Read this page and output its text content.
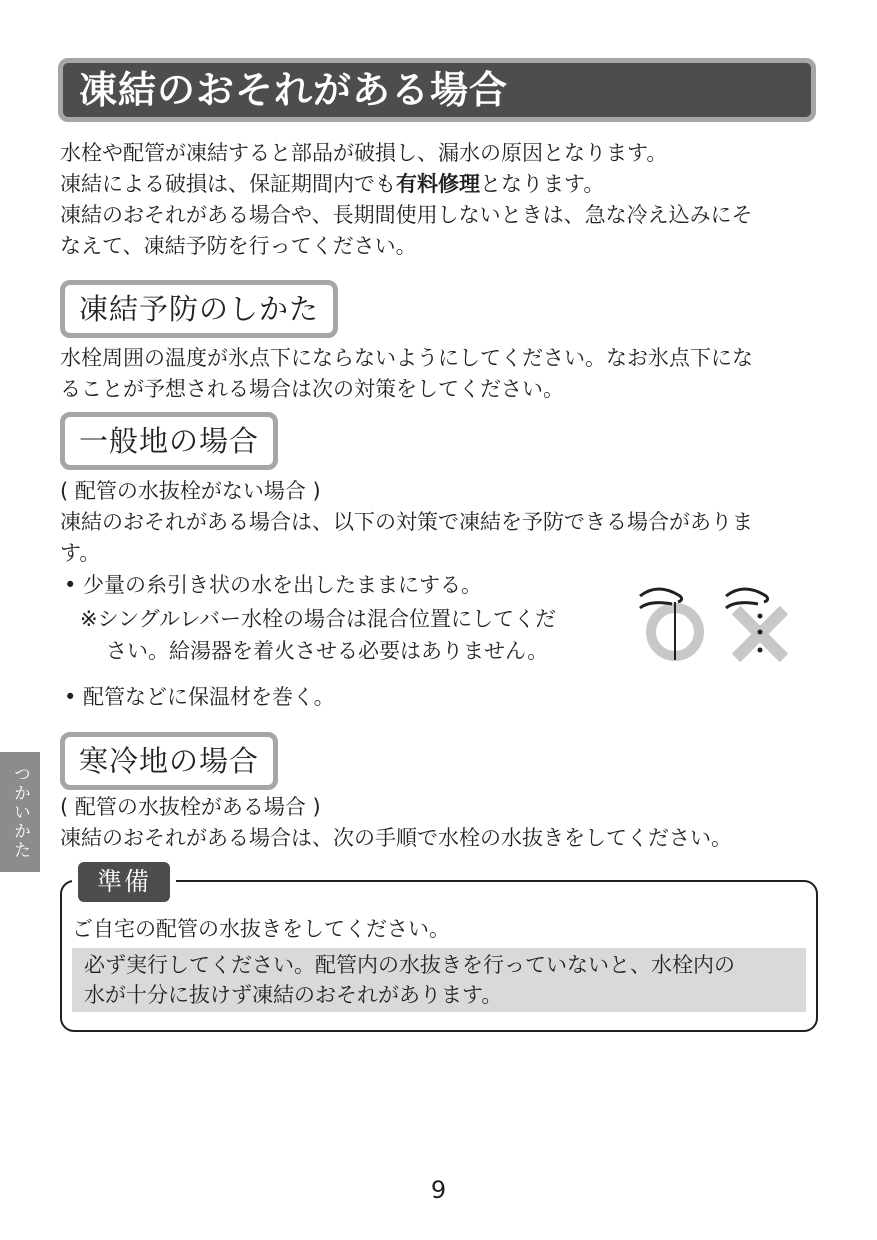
凍結のおそれがある場合
水栓や配管が凍結すると部品が破損し、漏水の原因となります。
凍結による破損は、保証期間内でも有料修理となります。
凍結のおそれがある場合や、長期間使用しないときは、急な冷え込みにそ
なえて、凍結予防を行ってください。
凍結予防のしかた
水栓周囲の温度が氷点下にならないようにしてください。なお氷点下にな
ることが予想される場合は次の対策をしてください。
一般地の場合
( 配管の水抜栓がない場合 )
凍結のおそれがある場合は、以下の対策で凍結を予防できる場合がありま
す。
• 少量の糸引き状の水を出したままにする。
※シングルレバー水栓の場合は混合位置にしてくだ
さい。給湯器を着火させる必要はありません。
• 配管などに保温材を巻く。
つかいかた
寒冷地の場合
( 配管の水抜栓がある場合 )
凍結のおそれがある場合は、次の手順で水栓の水抜きをしてください。
準備
ご自宅の配管の水抜きをしてください。
必ず実行してください。配管内の水抜きを行っていないと、水栓内の
水が十分に抜けず凍結のおそれがあります。
9
